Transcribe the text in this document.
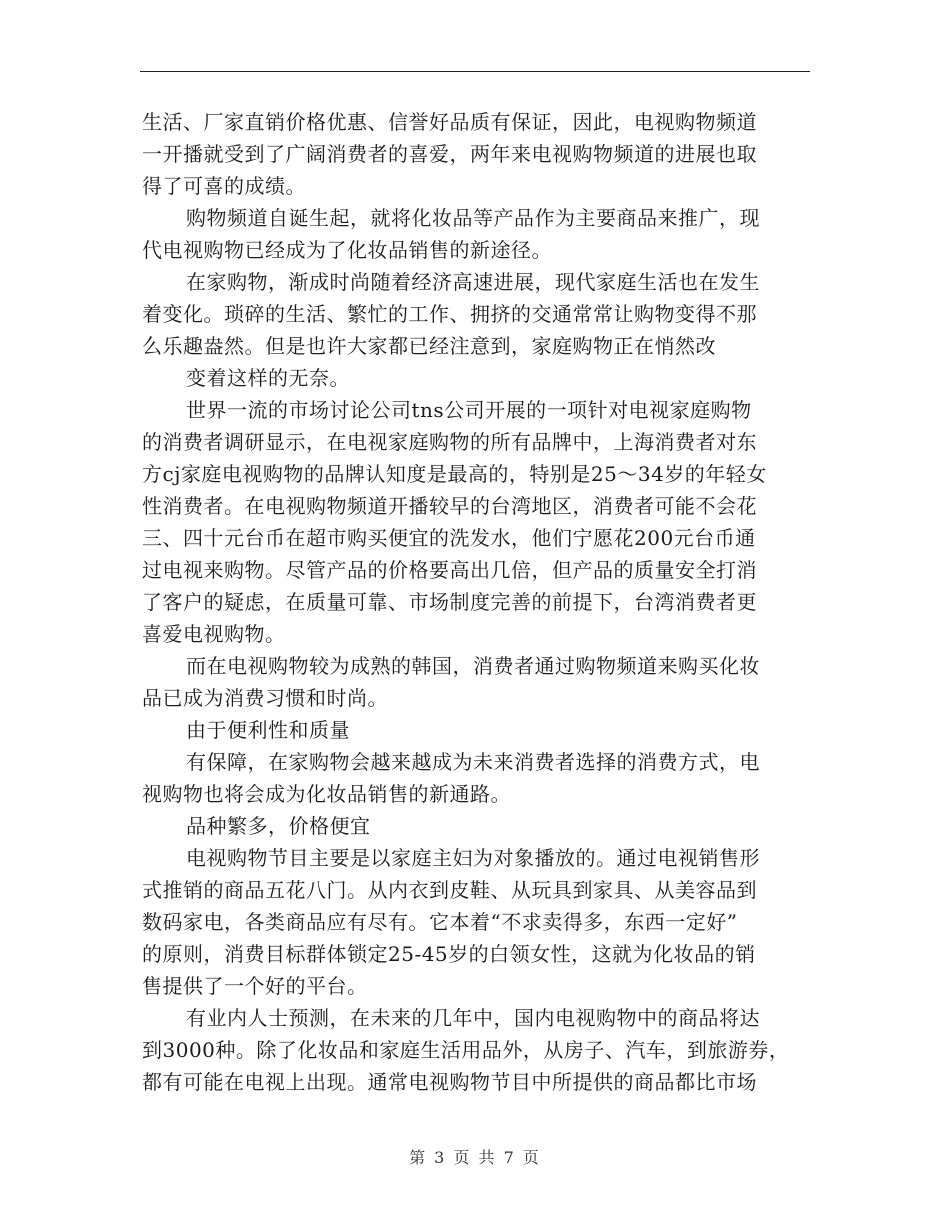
生活、厂家直销价格优惠、信誉好品质有保证，因此，电视购物频道
一开播就受到了广阔消费者的喜爱，两年来电视购物频道的进展也取
得了可喜的成绩。
购物频道自诞生起，就将化妆品等产品作为主要商品来推广，现
代电视购物已经成为了化妆品销售的新途径。
在家购物，渐成时尚随着经济高速进展，现代家庭生活也在发生
着变化。琐碎的生活、繁忙的工作、拥挤的交通常常让购物变得不那
么乐趣盎然。但是也许大家都已经注意到，家庭购物正在悄然改
变着这样的无奈。
世界一流的市场讨论公司tns公司开展的一项针对电视家庭购物
的消费者调研显示，在电视家庭购物的所有品牌中，上海消费者对东
方cj家庭电视购物的品牌认知度是最高的，特别是25～34岁的年轻女
性消费者。在电视购物频道开播较早的台湾地区，消费者可能不会花
三、四十元台币在超市购买便宜的洗发水，他们宁愿花200元台币通
过电视来购物。尽管产品的价格要高出几倍，但产品的质量安全打消
了客户的疑虑，在质量可靠、市场制度完善的前提下，台湾消费者更
喜爱电视购物。
而在电视购物较为成熟的韩国，消费者通过购物频道来购买化妆
品已成为消费习惯和时尚。
由于便利性和质量
有保障，在家购物会越来越成为未来消费者选择的消费方式，电
视购物也将会成为化妆品销售的新通路。
品种繁多，价格便宜
电视购物节目主要是以家庭主妇为对象播放的。通过电视销售形
式推销的商品五花八门。从内衣到皮鞋、从玩具到家具、从美容品到
数码家电，各类商品应有尽有。它本着“不求卖得多，东西一定好”
的原则，消费目标群体锁定25-45岁的白领女性，这就为化妆品的销
售提供了一个好的平台。
有业内人士预测，在未来的几年中，国内电视购物中的商品将达
到3000种。除了化妆品和家庭生活用品外，从房子、汽车，到旅游券，
都有可能在电视上出现。通常电视购物节目中所提供的商品都比市场
第 3 页 共 7 页
